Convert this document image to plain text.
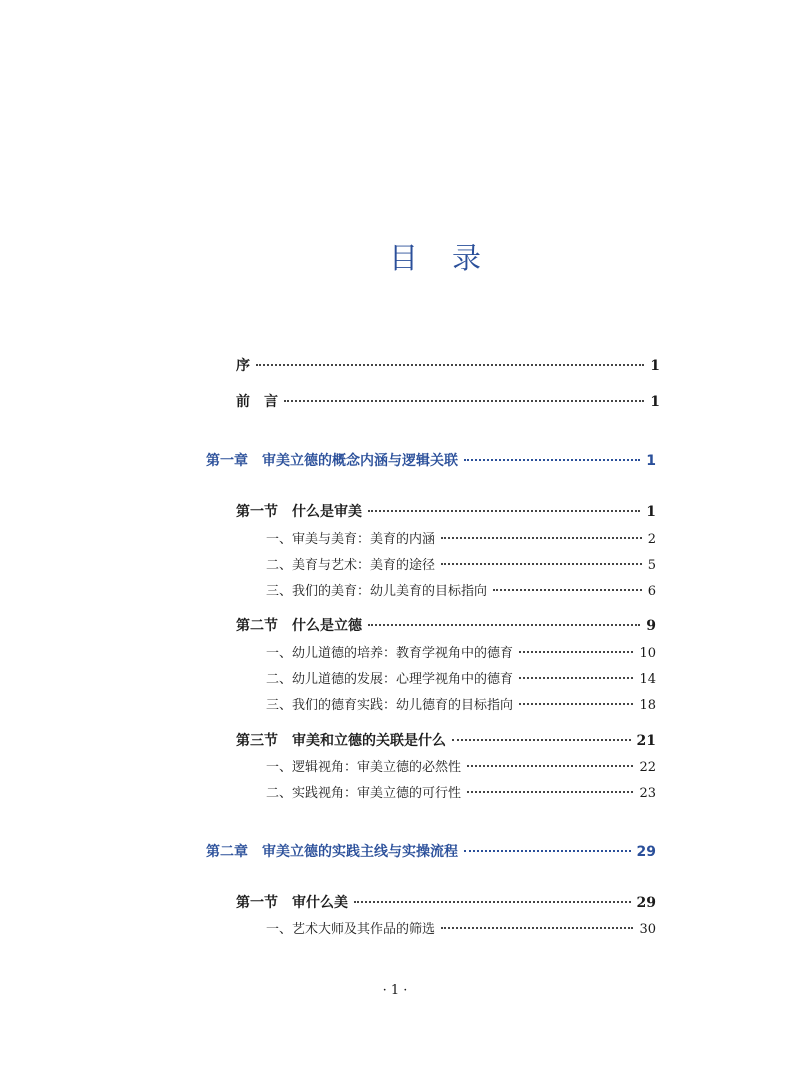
目 录
序	1
前　言	1
第一章　审美立德的概念内涵与逻辑关联	1
第一节　什么是审美	1
一、审美与美育：美育的内涵	2
二、美育与艺术：美育的途径	5
三、我们的美育：幼儿美育的目标指向	6
第二节　什么是立德	9
一、幼儿道德的培养：教育学视角中的德育	10
二、幼儿道德的发展：心理学视角中的德育	14
三、我们的德育实践：幼儿德育的目标指向	18
第三节　审美和立德的关联是什么	21
一、逻辑视角：审美立德的必然性	22
二、实践视角：审美立德的可行性	23
第二章　审美立德的实践主线与实操流程	29
第一节　审什么美	29
一、艺术大师及其作品的筛选	30
· 1 ·
